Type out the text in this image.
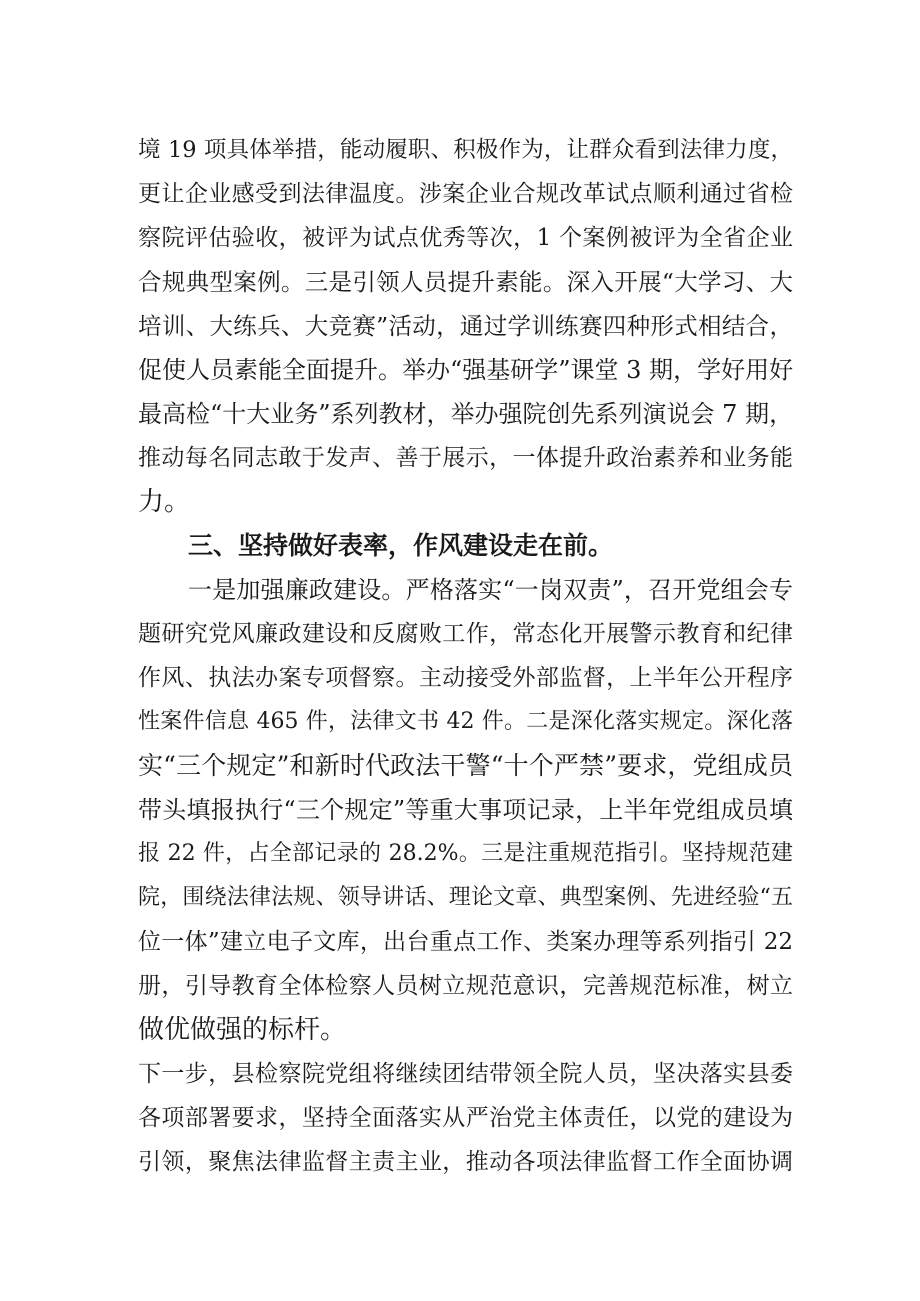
境 19 项具体举措，能动履职、积极作为，让群众看到法律力度，
更让企业感受到法律温度。涉案企业合规改革试点顺利通过省检
察院评估验收，被评为试点优秀等次，1 个案例被评为全省企业
合规典型案例。三是引领人员提升素能。深入开展“大学习、大
培训、大练兵、大竞赛”活动，通过学训练赛四种形式相结合，
促使人员素能全面提升。举办“强基研学”课堂 3 期，学好用好
最高检“十大业务”系列教材，举办强院创先系列演说会 7 期，
推动每名同志敢于发声、善于展示，一体提升政治素养和业务能
力。
三、坚持做好表率，作风建设走在前。
一是加强廉政建设。严格落实“一岗双责”，召开党组会专
题研究党风廉政建设和反腐败工作，常态化开展警示教育和纪律
作风、执法办案专项督察。主动接受外部监督，上半年公开程序
性案件信息 465 件，法律文书 42 件。二是深化落实规定。深化落
实“三个规定”和新时代政法干警“十个严禁”要求，党组成员
带头填报执行“三个规定”等重大事项记录，上半年党组成员填
报 22 件，占全部记录的 28.2%。三是注重规范指引。坚持规范建
院，围绕法律法规、领导讲话、理论文章、典型案例、先进经验“五
位一体”建立电子文库，出台重点工作、类案办理等系列指引 22
册，引导教育全体检察人员树立规范意识，完善规范标准，树立
做优做强的标杆。
下一步，县检察院党组将继续团结带领全院人员，坚决落实县委
各项部署要求，坚持全面落实从严治党主体责任，以党的建设为
引领，聚焦法律监督主责主业，推动各项法律监督工作全面协调
